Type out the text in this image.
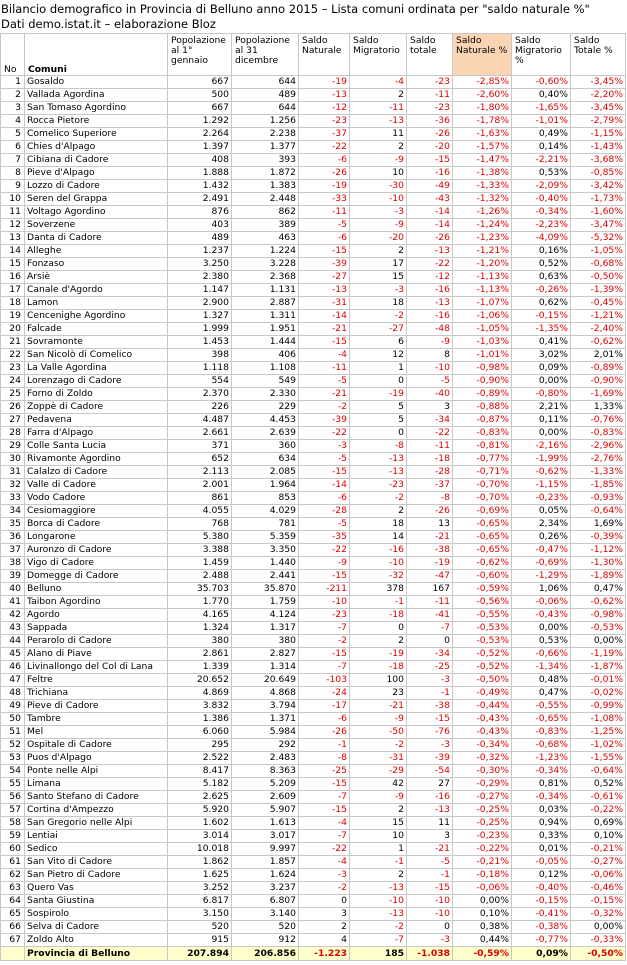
Bilancio demografico in Provincia di Belluno anno 2015 – Lista comuni ordinata per "saldo naturale %"
Dati demo.istat.it – elaborazione Bloz
No	Comuni	Popolazione al 1° gennaio	Popolazione al 31 dicembre	Saldo Naturale	Saldo Migratorio	Saldo totale	Saldo Naturale %	Saldo Migratorio %	Saldo Totale %
1	Gosaldo	667	644	-19	-4	-23	-2,85%	-0,60%	-3,45%
2	Vallada Agordina	500	489	-13	2	-11	-2,60%	0,40%	-2,20%
3	San Tomaso Agordino	667	644	-12	-11	-23	-1,80%	-1,65%	-3,45%
4	Rocca Pietore	1.292	1.256	-23	-13	-36	-1,78%	-1,01%	-2,79%
5	Comelico Superiore	2.264	2.238	-37	11	-26	-1,63%	0,49%	-1,15%
6	Chies d'Alpago	1.397	1.377	-22	2	-20	-1,57%	0,14%	-1,43%
7	Cibiana di Cadore	408	393	-6	-9	-15	-1,47%	-2,21%	-3,68%
8	Pieve d'Alpago	1.888	1.872	-26	10	-16	-1,38%	0,53%	-0,85%
9	Lozzo di Cadore	1.432	1.383	-19	-30	-49	-1,33%	-2,09%	-3,42%
10	Seren del Grappa	2.491	2.448	-33	-10	-43	-1,32%	-0,40%	-1,73%
11	Voltago Agordino	876	862	-11	-3	-14	-1,26%	-0,34%	-1,60%
12	Soverzene	403	389	-5	-9	-14	-1,24%	-2,23%	-3,47%
13	Danta di Cadore	489	463	-6	-20	-26	-1,23%	-4,09%	-5,32%
14	Alleghe	1.237	1.224	-15	2	-13	-1,21%	0,16%	-1,05%
15	Fonzaso	3.250	3.228	-39	17	-22	-1,20%	0,52%	-0,68%
16	Arsiè	2.380	2.368	-27	15	-12	-1,13%	0,63%	-0,50%
17	Canale d'Agordo	1.147	1.131	-13	-3	-16	-1,13%	-0,26%	-1,39%
18	Lamon	2.900	2.887	-31	18	-13	-1,07%	0,62%	-0,45%
19	Cencenighe Agordino	1.327	1.311	-14	-2	-16	-1,06%	-0,15%	-1,21%
20	Falcade	1.999	1.951	-21	-27	-48	-1,05%	-1,35%	-2,40%
21	Sovramonte	1.453	1.444	-15	6	-9	-1,03%	0,41%	-0,62%
22	San Nicolò di Comelico	398	406	-4	12	8	-1,01%	3,02%	2,01%
23	La Valle Agordina	1.118	1.108	-11	1	-10	-0,98%	0,09%	-0,89%
24	Lorenzago di Cadore	554	549	-5	0	-5	-0,90%	0,00%	-0,90%
25	Forno di Zoldo	2.370	2.330	-21	-19	-40	-0,89%	-0,80%	-1,69%
26	Zoppè di Cadore	226	229	-2	5	3	-0,88%	2,21%	1,33%
27	Pedavena	4.487	4.453	-39	5	-34	-0,87%	0,11%	-0,76%
28	Farra d'Alpago	2.661	2.639	-22	0	-22	-0,83%	0,00%	-0,83%
29	Colle Santa Lucia	371	360	-3	-8	-11	-0,81%	-2,16%	-2,96%
30	Rivamonte Agordino	652	634	-5	-13	-18	-0,77%	-1,99%	-2,76%
31	Calalzo di Cadore	2.113	2.085	-15	-13	-28	-0,71%	-0,62%	-1,33%
32	Valle di Cadore	2.001	1.964	-14	-23	-37	-0,70%	-1,15%	-1,85%
33	Vodo Cadore	861	853	-6	-2	-8	-0,70%	-0,23%	-0,93%
34	Cesiomaggiore	4.055	4.029	-28	2	-26	-0,69%	0,05%	-0,64%
35	Borca di Cadore	768	781	-5	18	13	-0,65%	2,34%	1,69%
36	Longarone	5.380	5.359	-35	14	-21	-0,65%	0,26%	-0,39%
37	Auronzo di Cadore	3.388	3.350	-22	-16	-38	-0,65%	-0,47%	-1,12%
38	Vigo di Cadore	1.459	1.440	-9	-10	-19	-0,62%	-0,69%	-1,30%
39	Domegge di Cadore	2.488	2.441	-15	-32	-47	-0,60%	-1,29%	-1,89%
40	Belluno	35.703	35.870	-211	378	167	-0,59%	1,06%	0,47%
41	Taibon Agordino	1.770	1.759	-10	-1	-11	-0,56%	-0,06%	-0,62%
42	Agordo	4.165	4.124	-23	-18	-41	-0,55%	-0,43%	-0,98%
43	Sappada	1.324	1.317	-7	0	-7	-0,53%	0,00%	-0,53%
44	Perarolo di Cadore	380	380	-2	2	0	-0,53%	0,53%	0,00%
45	Alano di Piave	2.861	2.827	-15	-19	-34	-0,52%	-0,66%	-1,19%
46	Livinallongo del Col di Lana	1.339	1.314	-7	-18	-25	-0,52%	-1,34%	-1,87%
47	Feltre	20.652	20.649	-103	100	-3	-0,50%	0,48%	-0,01%
48	Trichiana	4.869	4.868	-24	23	-1	-0,49%	0,47%	-0,02%
49	Pieve di Cadore	3.832	3.794	-17	-21	-38	-0,44%	-0,55%	-0,99%
50	Tambre	1.386	1.371	-6	-9	-15	-0,43%	-0,65%	-1,08%
51	Mel	6.060	5.984	-26	-50	-76	-0,43%	-0,83%	-1,25%
52	Ospitale di Cadore	295	292	-1	-2	-3	-0,34%	-0,68%	-1,02%
53	Puos d'Alpago	2.522	2.483	-8	-31	-39	-0,32%	-1,23%	-1,55%
54	Ponte nelle Alpi	8.417	8.363	-25	-29	-54	-0,30%	-0,34%	-0,64%
55	Limana	5.182	5.209	-15	42	27	-0,29%	0,81%	0,52%
56	Santo Stefano di Cadore	2.625	2.609	-7	-9	-16	-0,27%	-0,34%	-0,61%
57	Cortina d'Ampezzo	5.920	5.907	-15	2	-13	-0,25%	0,03%	-0,22%
58	San Gregorio nelle Alpi	1.602	1.613	-4	15	11	-0,25%	0,94%	0,69%
59	Lentiai	3.014	3.017	-7	10	3	-0,23%	0,33%	0,10%
60	Sedico	10.018	9.997	-22	1	-21	-0,22%	0,01%	-0,21%
61	San Vito di Cadore	1.862	1.857	-4	-1	-5	-0,21%	-0,05%	-0,27%
62	San Pietro di Cadore	1.625	1.624	-3	2	-1	-0,18%	0,12%	-0,06%
63	Quero Vas	3.252	3.237	-2	-13	-15	-0,06%	-0,40%	-0,46%
64	Santa Giustina	6.817	6.807	0	-10	-10	0,00%	-0,15%	-0,15%
65	Sospirolo	3.150	3.140	3	-13	-10	0,10%	-0,41%	-0,32%
66	Selva di Cadore	520	520	2	-2	0	0,38%	-0,38%	0,00%
67	Zoldo Alto	915	912	4	-7	-3	0,44%	-0,77%	-0,33%
	Provincia di Belluno	207.894	206.856	-1.223	185	-1.038	-0,59%	0,09%	-0,50%
